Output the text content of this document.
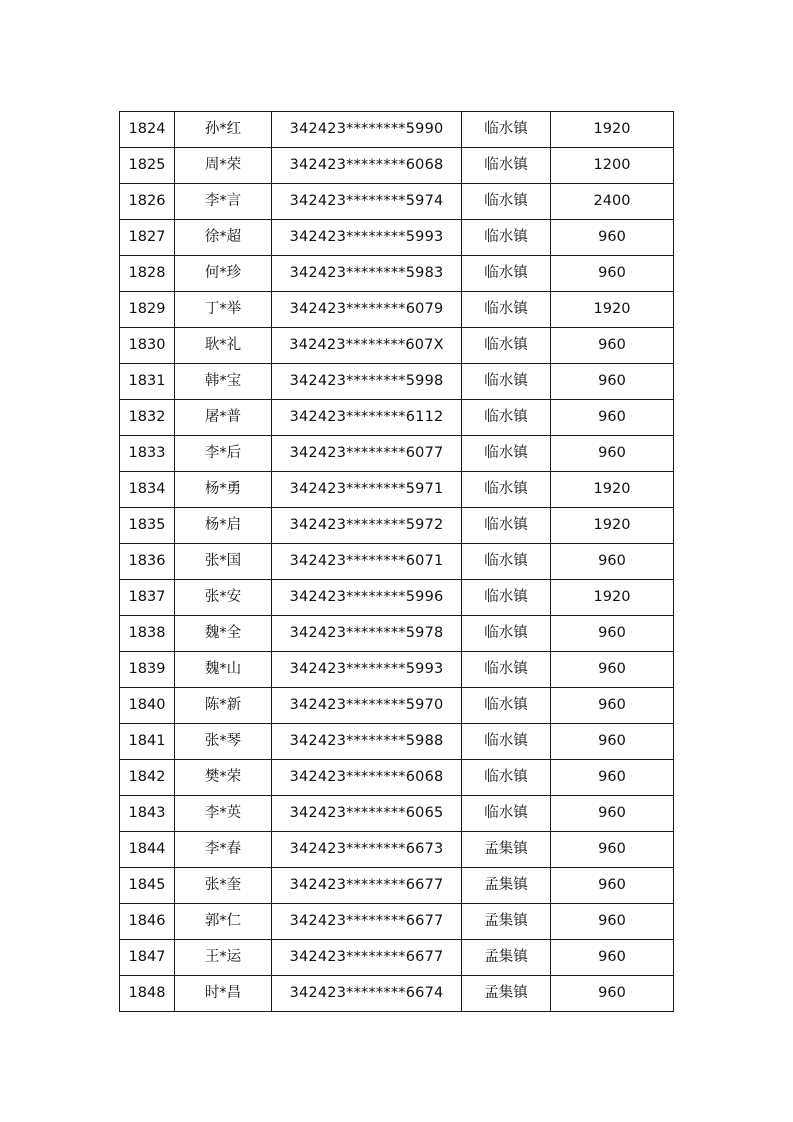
1824	孙*红	342423********5990	临水镇	1920
1825	周*荣	342423********6068	临水镇	1200
1826	李*言	342423********5974	临水镇	2400
1827	徐*超	342423********5993	临水镇	960
1828	何*珍	342423********5983	临水镇	960
1829	丁*举	342423********6079	临水镇	1920
1830	耿*礼	342423********607X	临水镇	960
1831	韩*宝	342423********5998	临水镇	960
1832	屠*普	342423********6112	临水镇	960
1833	李*后	342423********6077	临水镇	960
1834	杨*勇	342423********5971	临水镇	1920
1835	杨*启	342423********5972	临水镇	1920
1836	张*国	342423********6071	临水镇	960
1837	张*安	342423********5996	临水镇	1920
1838	魏*全	342423********5978	临水镇	960
1839	魏*山	342423********5993	临水镇	960
1840	陈*新	342423********5970	临水镇	960
1841	张*琴	342423********5988	临水镇	960
1842	樊*荣	342423********6068	临水镇	960
1843	李*英	342423********6065	临水镇	960
1844	李*春	342423********6673	孟集镇	960
1845	张*奎	342423********6677	孟集镇	960
1846	郭*仁	342423********6677	孟集镇	960
1847	王*运	342423********6677	孟集镇	960
1848	时*昌	342423********6674	孟集镇	960
